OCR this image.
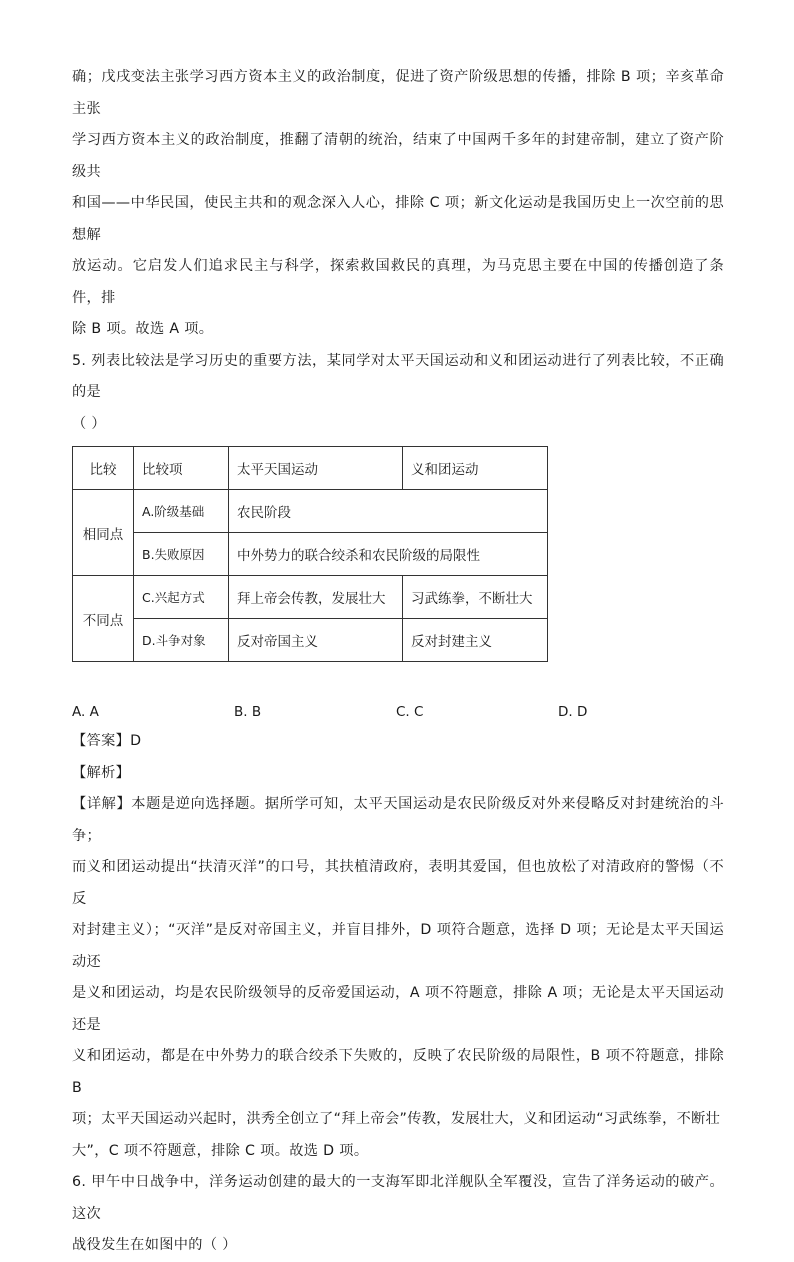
确；戊戌变法主张学习西方资本主义的政治制度，促进了资产阶级思想的传播，排除 B 项；辛亥革命主张

学习西方资本主义的政治制度，推翻了清朝的统治，结束了中国两千多年的封建帝制，建立了资产阶级共

和国——中华民国，使民主共和的观念深入人心，排除 C 项；新文化运动是我国历史上一次空前的思想解

放运动。它启发人们追求民主与科学，探索救国救民的真理，为马克思主要在中国的传播创造了条件，排

除 B 项。故选 A 项。

5. 列表比较法是学习历史的重要方法，某同学对太平天国运动和义和团运动进行了列表比较，不正确的是

（ ）

比较	比较项	太平天国运动	义和团运动
相同点	A.阶级基础	农民阶段	
	B.失败原因	中外势力的联合绞杀和农民阶级的局限性	
不同点	C.兴起方式	拜上帝会传教，发展壮大	习武练拳，不断壮大
	D.斗争对象	反对帝国主义	反对封建主义
A. A	B. B	C. C	D. D

【答案】D

【解析】

【详解】本题是逆向选择题。据所学可知，太平天国运动是农民阶级反对外来侵略反对封建统治的斗争；

而义和团运动提出“扶清灭洋”的口号，其扶植清政府，表明其爱国，但也放松了对清政府的警惕（不反

对封建主义）；“灭洋”是反对帝国主义，并盲目排外，D 项符合题意，选择 D 项；无论是太平天国运动还

是义和团运动，均是农民阶级领导的反帝爱国运动，A 项不符题意，排除 A 项；无论是太平天国运动还是

义和团运动，都是在中外势力的联合绞杀下失败的，反映了农民阶级的局限性，B 项不符题意，排除 B

项；太平天国运动兴起时，洪秀全创立了“拜上帝会”传教，发展壮大，义和团运动“习武练拳，不断壮

大”，C 项不符题意，排除 C 项。故选 D 项。

6. 甲午中日战争中，洋务运动创建的最大的一支海军即北洋舰队全军覆没，宣告了洋务运动的破产。这次

战役发生在如图中的（ ）
